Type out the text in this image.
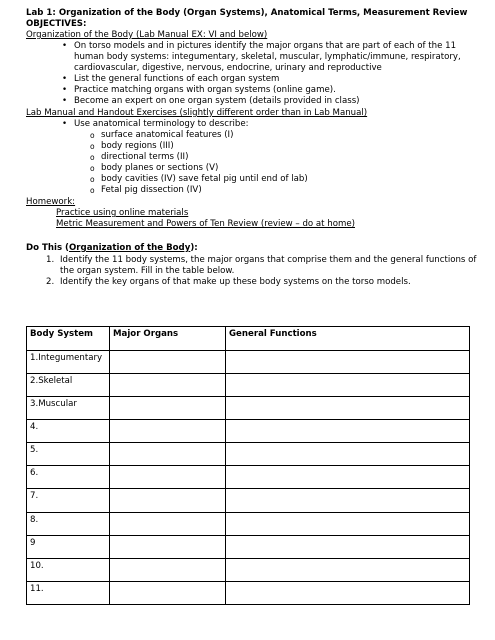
Lab 1: Organization of the Body (Organ Systems), Anatomical Terms, Measurement Review
OBJECTIVES:
Organization of the Body (Lab Manual EX: VI and below)
• On torso models and in pictures identify the major organs that are part of each of the 11
human body systems: integumentary, skeletal, muscular, lymphatic/immune, respiratory,
cardiovascular, digestive, nervous, endocrine, urinary and reproductive
• List the general functions of each organ system
• Practice matching organs with organ systems (online game).
• Become an expert on one organ system (details provided in class)
Lab Manual and Handout Exercises (slightly different order than in Lab Manual)
• Use anatomical terminology to describe:
o surface anatomical features (I)
o body regions (III)
o directional terms (II)
o body planes or sections (V)
o body cavities (IV) save fetal pig until end of lab)
o Fetal pig dissection (IV)
Homework:
Practice using online materials
Metric Measurement and Powers of Ten Review (review – do at home)
Do This (Organization of the Body):
1. Identify the 11 body systems, the major organs that comprise them and the general functions of
the organ system. Fill in the table below.
2. Identify the key organs of that make up these body systems on the torso models.
Body System	Major Organs	General Functions
1.Integumentary		
2.Skeletal		
3.Muscular		
4.		
5.		
6.		
7.		
8.		
9		
10.		
11.		
